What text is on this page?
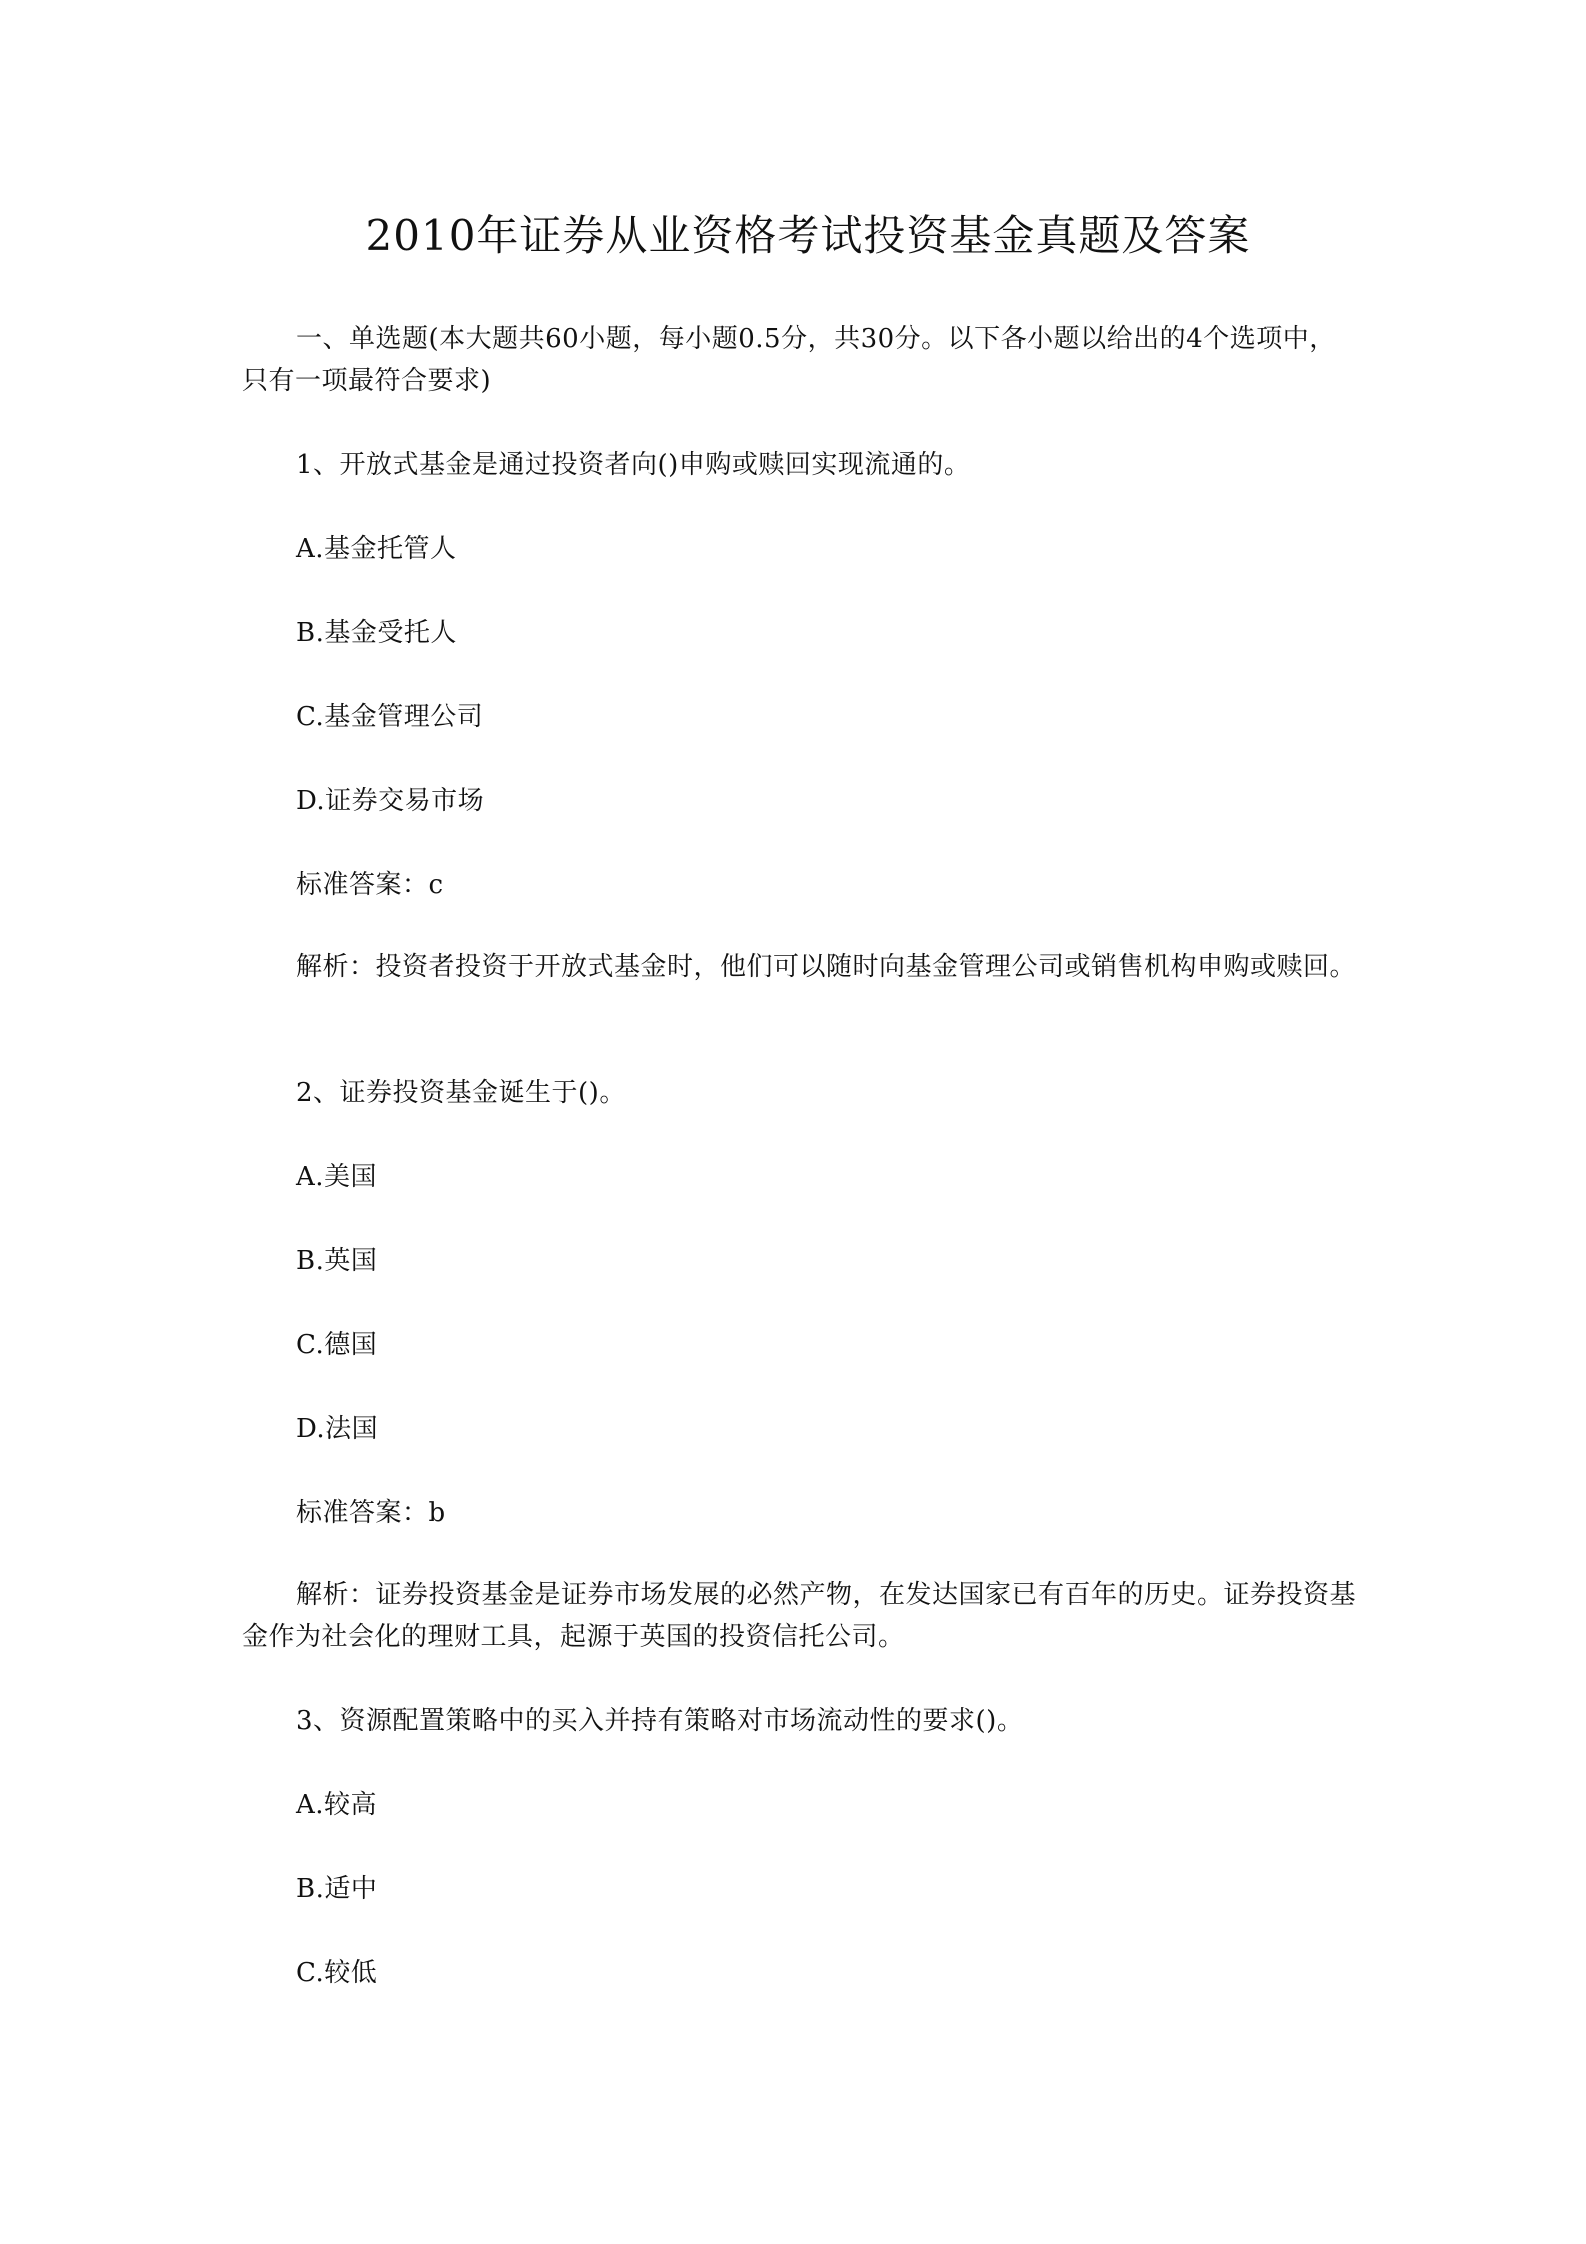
2010年证券从业资格考试投资基金真题及答案

一、单选题(本大题共60小题，每小题0.5分，共30分。以下各小题以给出的4个选项中，只有一项最符合要求)

1、开放式基金是通过投资者向()申购或赎回实现流通的。

A.基金托管人

B.基金受托人

C.基金管理公司

D.证券交易市场

标准答案：c

解析：投资者投资于开放式基金时，他们可以随时向基金管理公司或销售机构申购或赎回。

2、证券投资基金诞生于()。

A.美国

B.英国

C.德国

D.法国

标准答案：b

解析：证券投资基金是证券市场发展的必然产物，在发达国家已有百年的历史。证券投资基金作为社会化的理财工具，起源于英国的投资信托公司。

3、资源配置策略中的买入并持有策略对市场流动性的要求()。

A.较高

B.适中

C.较低
